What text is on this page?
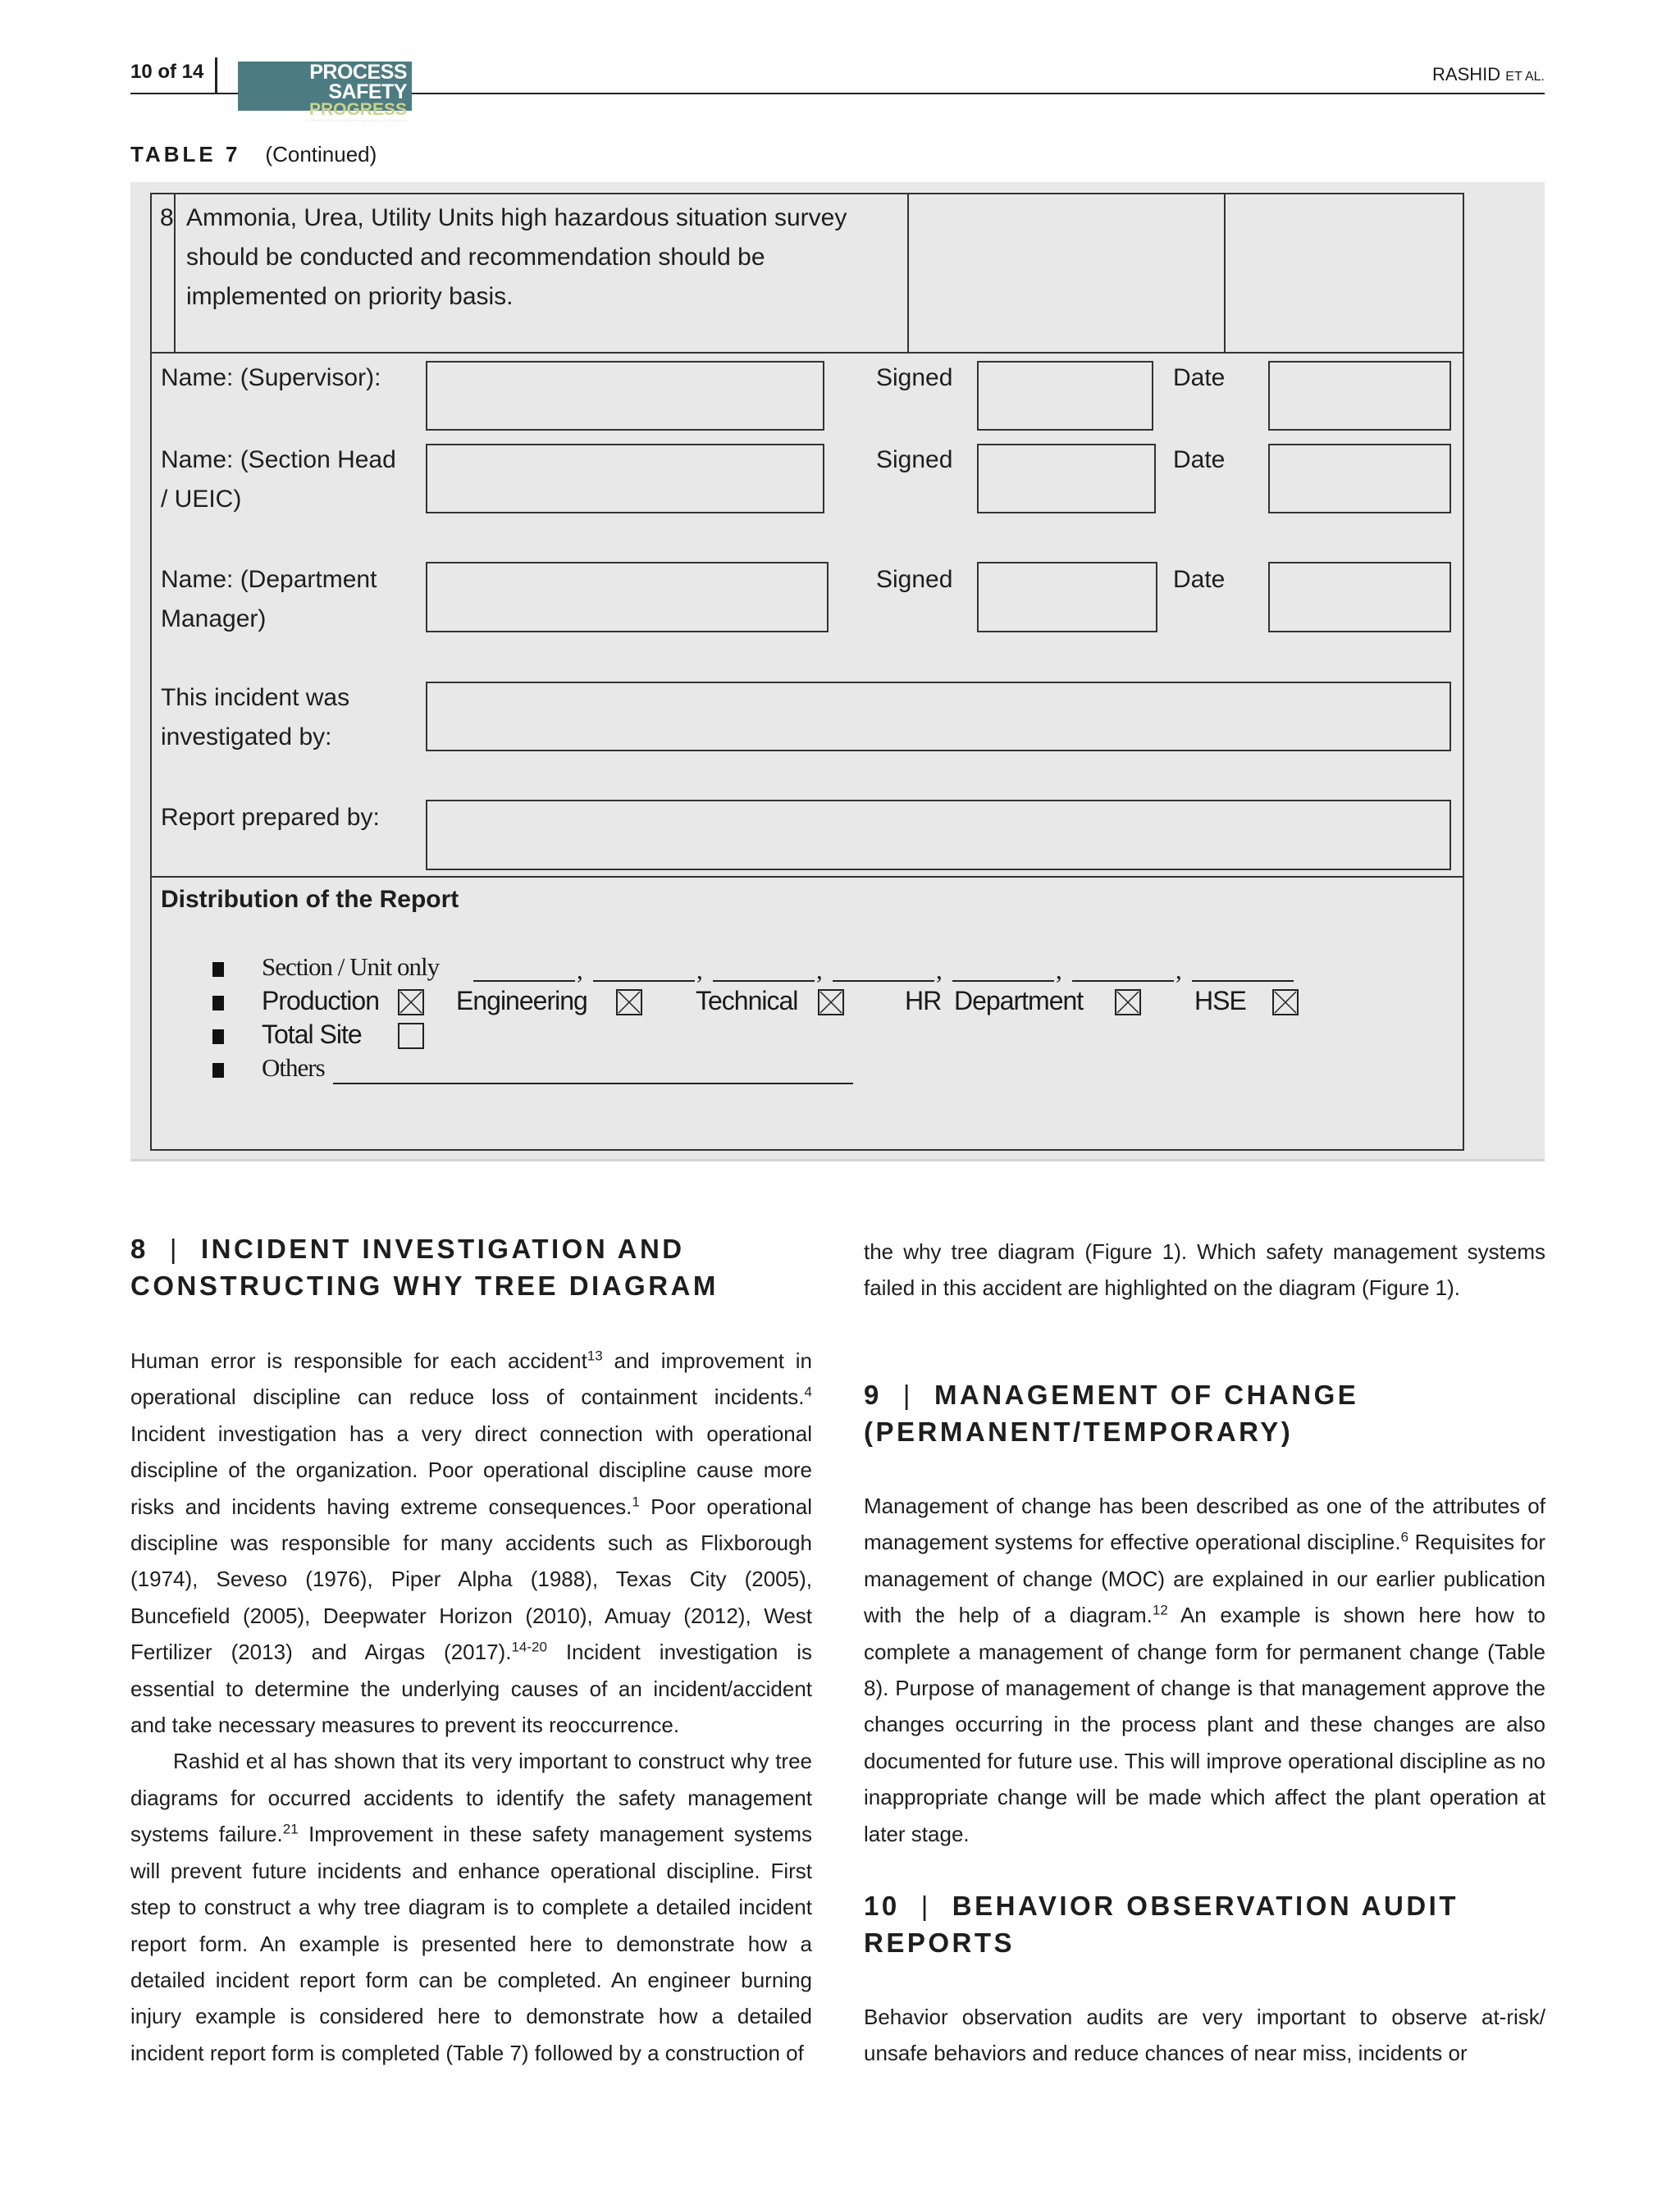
10 of 14	PROCESS SAFETY
PROGRESS
An Official Publication of the American Institute of Chemical Engineers
RASHID ET AL.
TABLE 7 (Continued)
8 Ammonia, Urea, Utility Units high hazardous situation survey
should be conducted and recommendation should be
implemented on priority basis.
Name: (Supervisor):	Signed	Date
Name: (Section Head
/ UEIC)
Signed	Date
Name: (Department
Manager)
Signed	Date
This incident was
investigated by:
Report prepared by:
Distribution of the Report
Section / Unit only	,	,	,	,	,	,
Production	Engineering	Technical	HR  Department	HSE
Total Site
Others
8 | INCIDENT INVESTIGATION AND
CONSTRUCTING WHY TREE DIAGRAM

Human error is responsible for each accident$^{13}$ and improvement in operational discipline can reduce loss of containment incidents.$^4$ Incident investigation has a very direct connection with operational discipline of the organization. Poor operational discipline cause more risks and incidents having extreme consequences.$^1$ Poor operational discipline was responsible for many accidents such as Flixborough (1974), Seveso (1976), Piper Alpha (1988), Texas City (2005), Buncefield (2005), Deepwater Horizon (2010), Amuay (2012), West Fertilizer (2013) and Airgas (2017).$^{14-20}$ Incident investigation is essential to determine the underlying causes of an incident/accident and take necessary measures to prevent its reoccurrence.

Rashid et al has shown that its very important to construct why tree diagrams for occurred accidents to identify the safety management systems failure.$^{21}$ Improvement in these safety management systems will prevent future incidents and enhance operational discipline. First step to construct a why tree diagram is to complete a detailed incident report form. An example is presented here to demonstrate how a detailed incident report form can be completed. An engineer burning injury example is considered here to demonstrate how a detailed incident report form is completed (Table 7) followed by a construction of

the why tree diagram (Figure 1). Which safety management systems failed in this accident are highlighted on the diagram (Figure 1).

9 | MANAGEMENT OF CHANGE
(PERMANENT/TEMPORARY)

Management of change has been described as one of the attributes of management systems for effective operational discipline.$^6$ Requisites for management of change (MOC) are explained in our earlier publication with the help of a diagram.$^{12}$ An example is shown here how to complete a management of change form for permanent change (Table 8). Purpose of management of change is that management approve the changes occurring in the process plant and these changes are also documented for future use. This will improve operational discipline as no inappropriate change will be made which affect the plant operation at later stage.

10 | BEHAVIOR OBSERVATION AUDIT
REPORTS

Behavior observation audits are very important to observe at-risk/ unsafe behaviors and reduce chances of near miss, incidents or
